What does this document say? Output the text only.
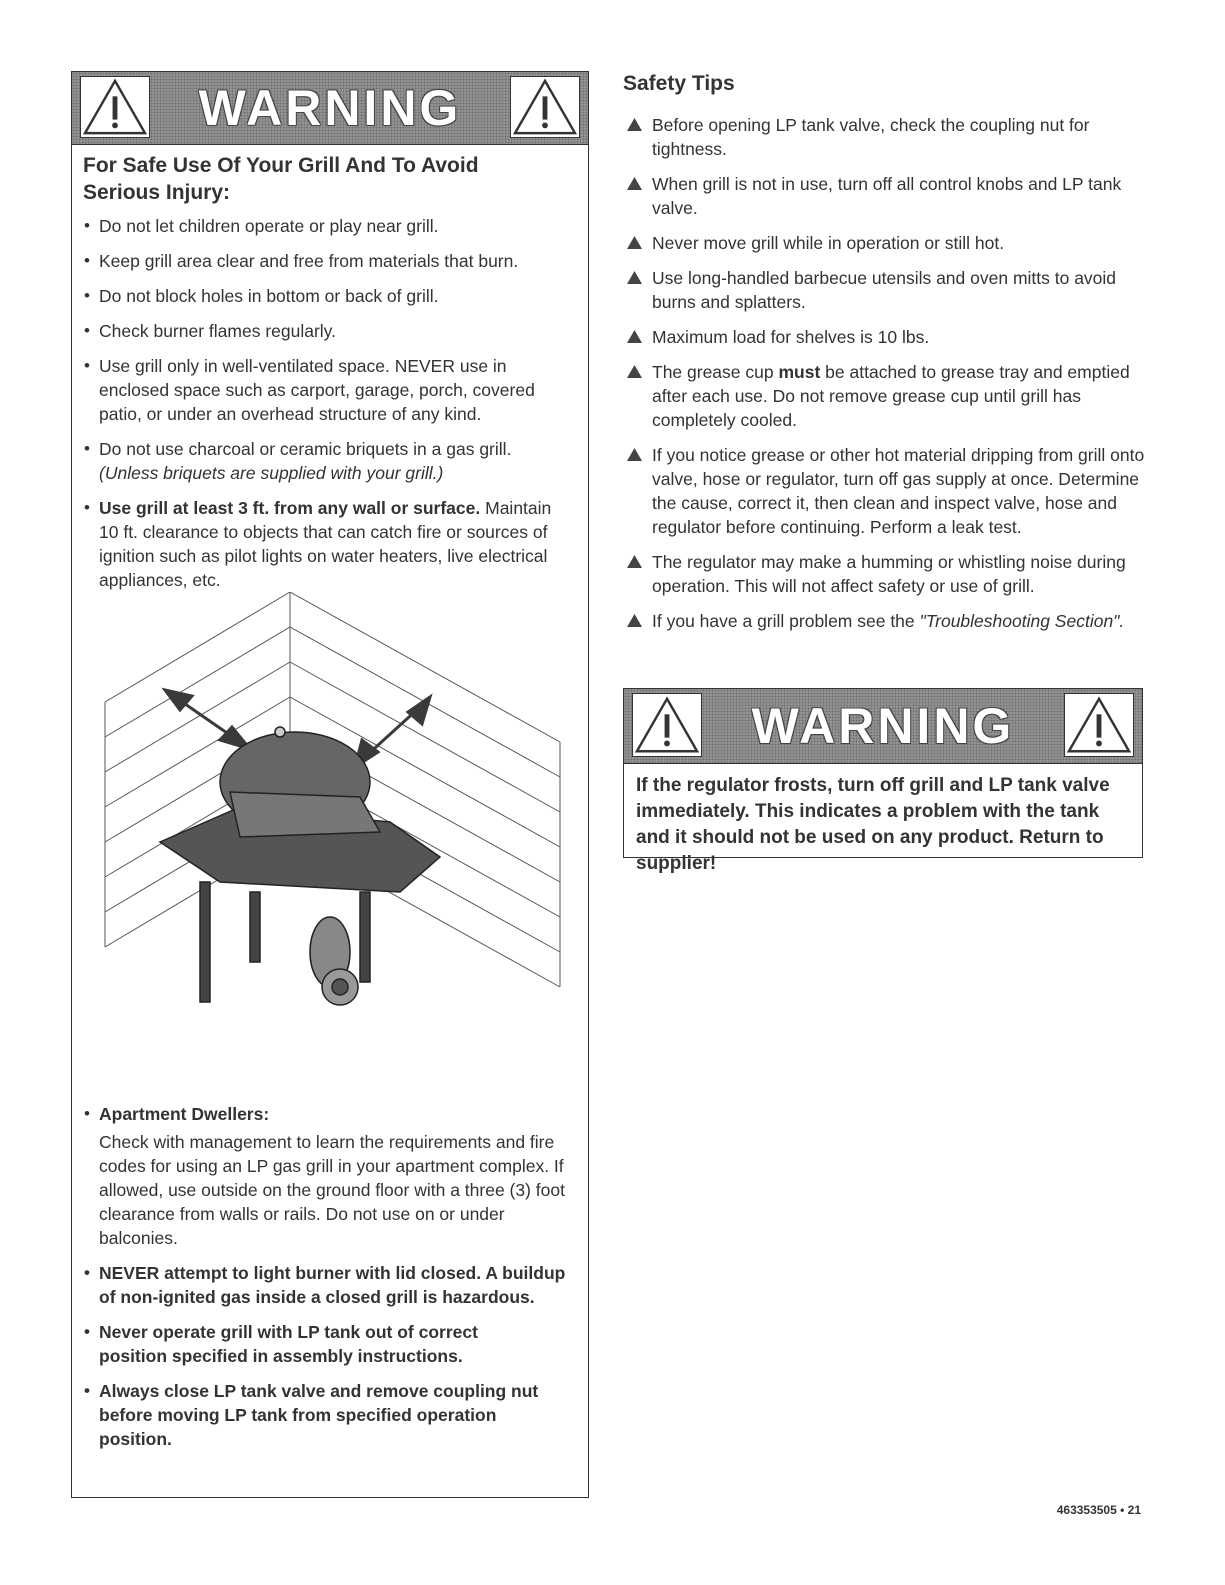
WARNING
For Safe Use Of Your Grill And To Avoid Serious Injury:
• Do not let children operate or play near grill.
• Keep grill area clear and free from materials that burn.
• Do not block holes in bottom or back of grill.
• Check burner flames regularly.
• Use grill only in well-ventilated space. NEVER use in enclosed space such as carport, garage, porch, covered patio, or under an overhead structure of any kind.
• Do not use charcoal or ceramic briquets in a gas grill.
(Unless briquets are supplied with your grill.)
• Use grill at least 3 ft. from any wall or surface. Maintain 10 ft. clearance to objects that can catch fire or sources of ignition such as pilot lights on water heaters, live electrical appliances, etc.
• Apartment Dwellers:

Check with management to learn the requirements and fire codes for using an LP gas grill in your apartment complex. If allowed, use outside on the ground floor with a three (3) foot clearance from walls or rails. Do not use on or under balconies.
• NEVER attempt to light burner with lid closed. A buildup of non-ignited gas inside a closed grill is hazardous.
• Never operate grill with LP tank out of correct position specified in assembly instructions.
• Always close LP tank valve and remove coupling nut before moving LP tank from specified operation position.
Safety Tips
Before opening LP tank valve, check the coupling nut for tightness.
When grill is not in use, turn off all control knobs and LP tank valve.
Never move grill while in operation or still hot.
Use long-handled barbecue utensils and oven mitts to avoid burns and splatters.
Maximum load for shelves is 10 lbs.
The grease cup must be attached to grease tray and emptied after each use. Do not remove grease cup until grill has completely cooled.
If you notice grease or other hot material dripping from grill onto valve, hose or regulator, turn off gas supply at once. Determine the cause, correct it, then clean and inspect valve, hose and regulator before continuing. Perform a leak test.
The regulator may make a humming or whistling noise during operation. This will not affect safety or use of grill.
If you have a grill problem see the "Troubleshooting Section".
WARNING
If the regulator frosts, turn off grill and LP tank valve immediately. This indicates a problem with the tank and it should not be used on any product. Return to supplier!
463353505 • 21
